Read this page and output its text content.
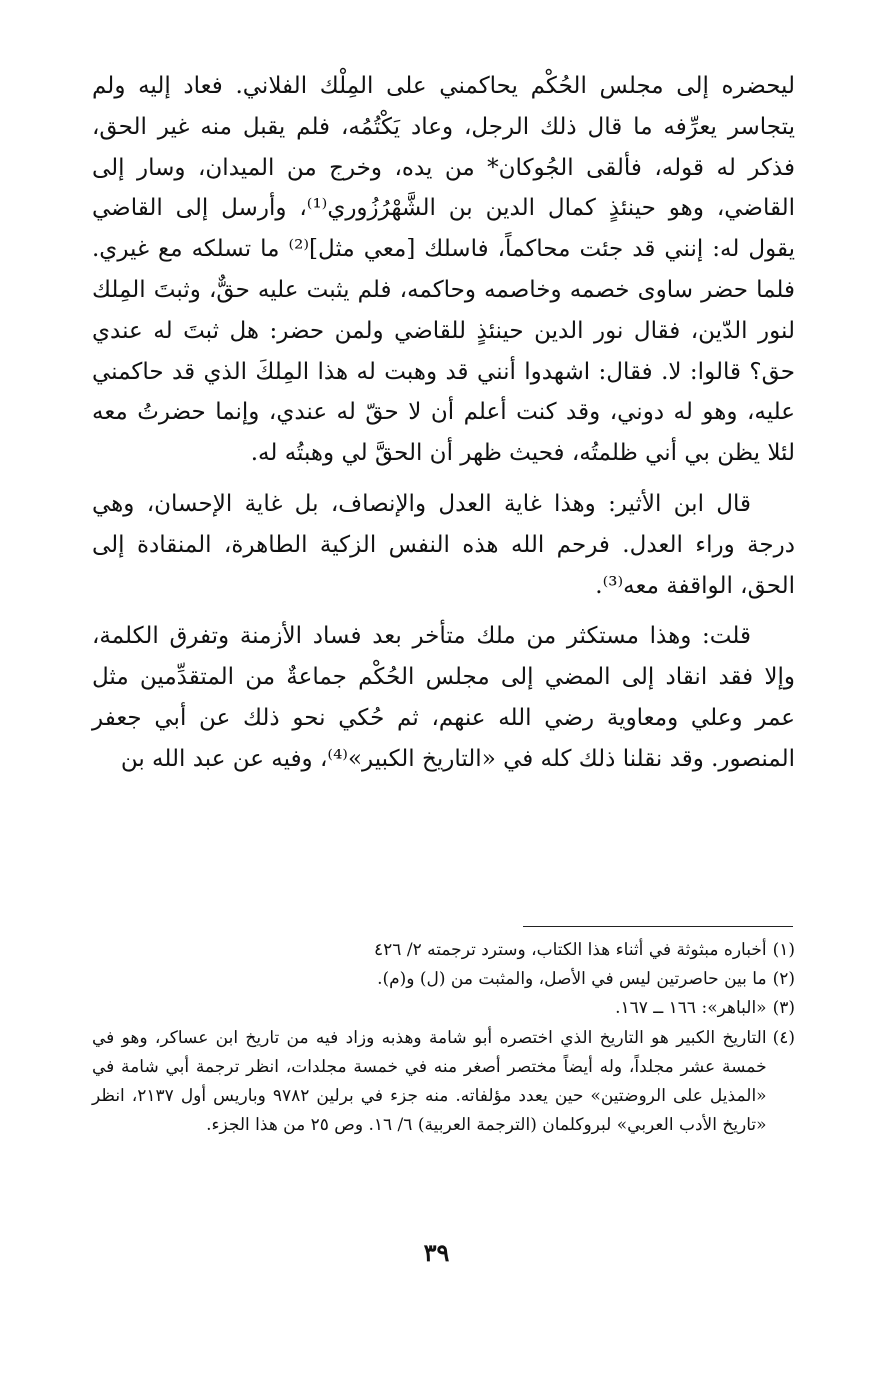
ليحضره إلى مجلس الحُكْم يحاكمني على المِلْك الفلاني. فعاد إليه ولم يتجاسر يعرِّفه ما قال ذلك الرجل، وعاد يَكْتُمُه، فلم يقبل منه غير الحق، فذكر له قوله، فألقى الجُوكان* من يده، وخرج من الميدان، وسار إلى القاضي، وهو حينئذٍ كمال الدين بن الشَّهْرُزُوري⁽¹⁾، وأرسل إلى القاضي يقول له: إنني قد جئت محاكماً، فاسلك [معي مثل]⁽²⁾ ما تسلكه مع غيري. فلما حضر ساوى خصمه وخاصمه وحاكمه، فلم يثبت عليه حقٌّ، وثبتَ المِلك لنور الدّين، فقال نور الدين حينئذٍ للقاضي ولمن حضر: هل ثبتَ له عندي حق؟ قالوا: لا. فقال: اشهدوا أنني قد وهبت له هذا المِلكَ الذي قد حاكمني عليه، وهو له دوني، وقد كنت أعلم أن لا حقّ له عندي، وإنما حضرتُ معه لئلا يظن بي أني ظلمتُه، فحيث ظهر أن الحقَّ لي وهبتُه له.

قال ابن الأثير: وهذا غاية العدل والإنصاف، بل غاية الإحسان، وهي درجة وراء العدل. فرحم الله هذه النفس الزكية الطاهرة، المنقادة إلى الحق، الواقفة معه⁽³⁾.

قلت: وهذا مستكثر من ملك متأخر بعد فساد الأزمنة وتفرق الكلمة، وإلا فقد انقاد إلى المضي إلى مجلس الحُكْم جماعةٌ من المتقدِّمين مثل عمر وعلي ومعاوية رضي الله عنهم، ثم حُكي نحو ذلك عن أبي جعفر المنصور. وقد نقلنا ذلك كله في «التاريخ الكبير»⁽⁴⁾، وفيه عن عبد الله بن

(١)
أخباره مبثوثة في أثناء هذا الكتاب، وسترد ترجمته ٢/ ٤٢٦
(٢)
ما بين حاصرتين ليس في الأصل، والمثبت من (ل) و(م).
(٣)
«الباهر»: ١٦٦ ــ ١٦٧.
(٤)
التاريخ الكبير هو التاريخ الذي اختصره أبو شامة وهذبه وزاد فيه من تاريخ ابن عساكر، وهو في خمسة عشر مجلداً، وله أيضاً مختصر أصغر منه في خمسة مجلدات، انظر ترجمة أبي شامة في «المذيل على الروضتين» حين يعدد مؤلفاته. منه جزء في برلين ٩٧٨٢ وباريس أول ٢١٣٧، انظر «تاريخ الأدب العربي» لبروكلمان (الترجمة العربية) ٦/ ١٦. وص ٢٥ من هذا الجزء.
٣٩
